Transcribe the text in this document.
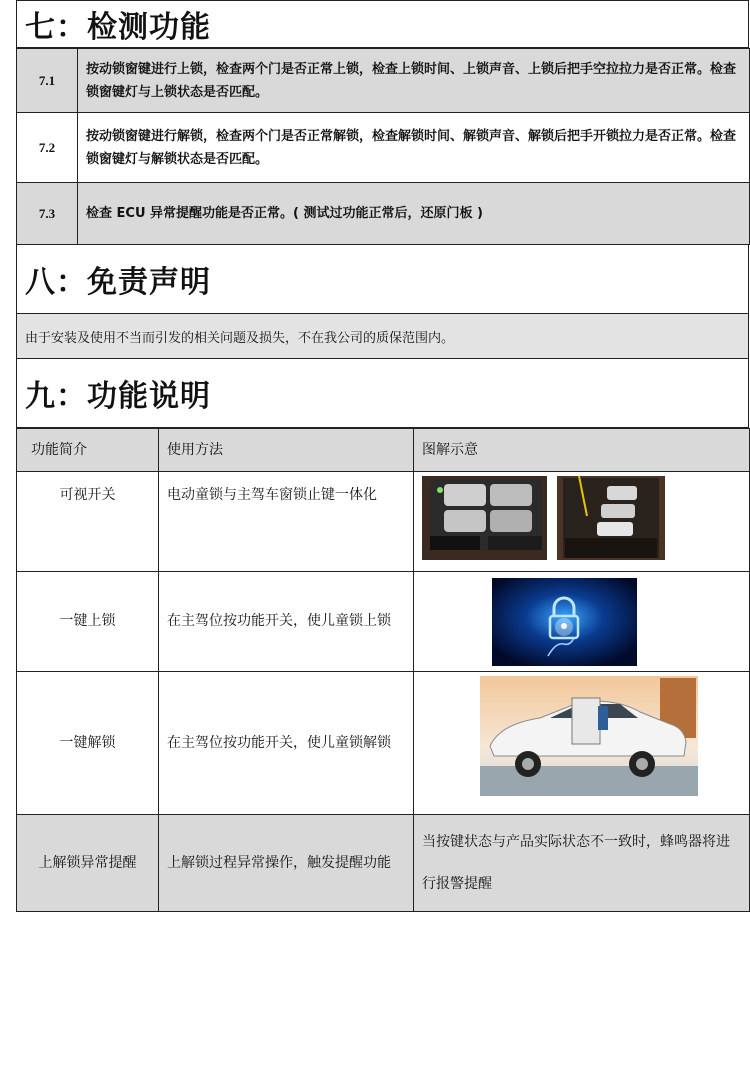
七：检测功能
7.1	按动锁窗键进行上锁，检查两个门是否正常上锁，检查上锁时间、上锁声音、上锁后把手空拉拉力是否正常。检查锁窗键灯与上锁状态是否匹配。
7.2	按动锁窗键进行解锁，检查两个门是否正常解锁，检查解锁时间、解锁声音、解锁后把手开锁拉力是否正常。检查锁窗键灯与解锁状态是否匹配。
7.3	检查 ECU 异常提醒功能是否正常。( 测试过功能正常后，还原门板 )
八：免责声明
由于安装及使用不当而引发的相关问题及损失，不在我公司的质保范围内。
九：功能说明
功能简介	使用方法	图解示意
可视开关	电动童锁与主驾车窗锁止键一体化	

一键上锁	在主驾位按功能开关，使儿童锁上锁	

一键解锁	在主驾位按功能开关，使儿童锁解锁	

上解锁异常提醒	上解锁过程异常操作，触发提醒功能	当按键状态与产品实际状态不一致时，蜂鸣器将进行报警提醒
